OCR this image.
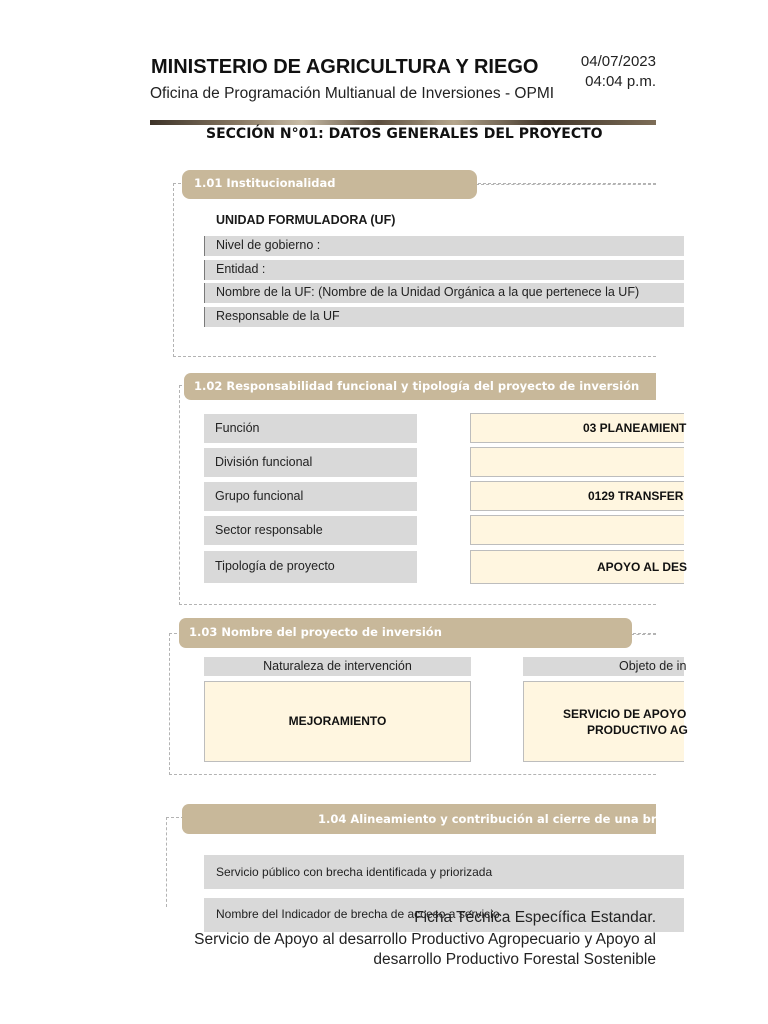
MINISTERIO DE AGRICULTURA Y RIEGO
Oficina de Programación Multianual de Inversiones - OPMI
04/07/2023
04:04 p.m.
SECCIÓN N°01: DATOS GENERALES DEL PROYECTO
1.01 Institucionalidad
UNIDAD FORMULADORA (UF)
Nivel de gobierno :
Entidad :
Nombre de la UF: (Nombre de la Unidad Orgánica a la que pertenece la UF)
Responsable de la UF
1.02 Responsabilidad funcional y tipología del proyecto de inversión
Función	03 PLANEAMIENT
División funcional
Grupo funcional	0129 TRANSFER
Sector responsable
Tipología de proyecto	APOYO AL DES
1.03 Nombre del proyecto de inversión
Naturaleza de intervención	Objeto de in
MEJORAMIENTO	SERVICIO DE APOYO
PRODUCTIVO AG
1.04 Alineamiento y contribución al cierre de una brecha pr
Servicio público con brecha identificada y priorizada
Nombre del Indicador de brecha de acceso a servicio
Ficha Técnica Específica Estandar.
Servicio de Apoyo al desarrollo Productivo Agropecuario y Apoyo al
desarrollo Productivo Forestal Sostenible
